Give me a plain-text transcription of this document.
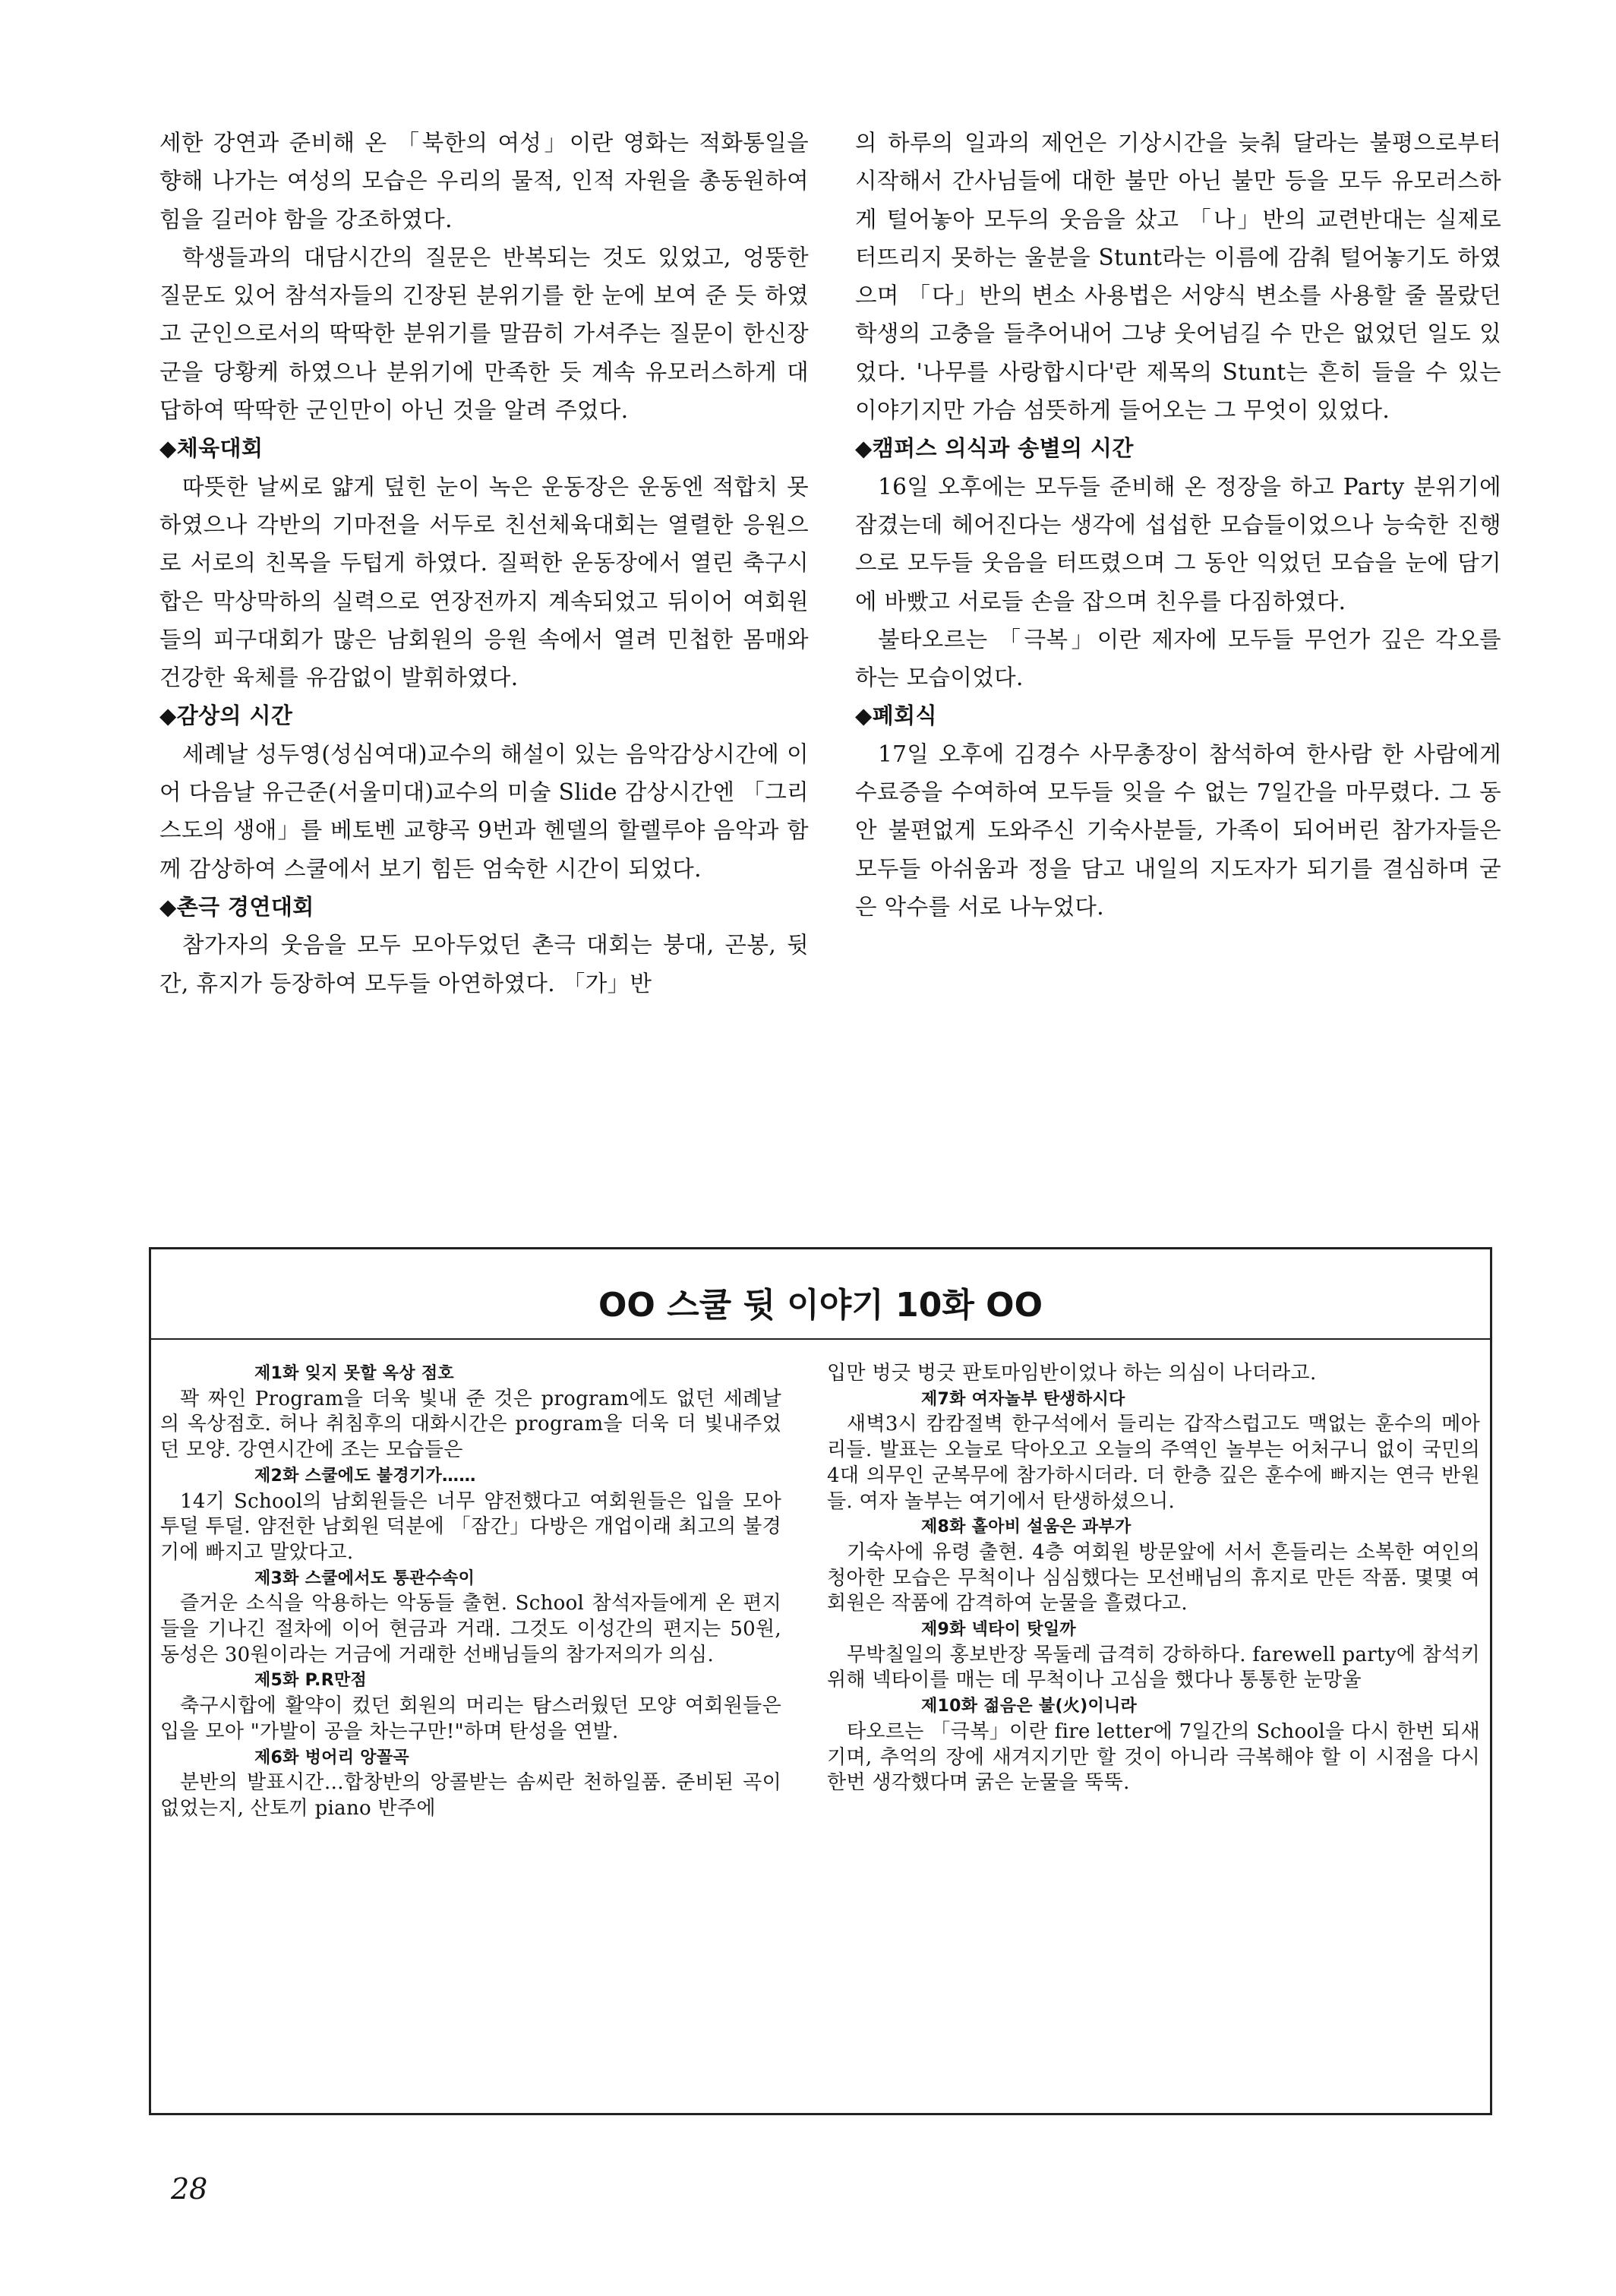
세한 강연과 준비해 온 「북한의 여성」이란 영화는 적화통일을 향해 나가는 여성의 모습은 우리의 물적, 인적 자원을 총동원하여 힘을 길러야 함을 강조하였다.

학생들과의 대담시간의 질문은 반복되는 것도 있었고, 엉뚱한 질문도 있어 참석자들의 긴장된 분위기를 한 눈에 보여 준 듯 하였고 군인으로서의 딱딱한 분위기를 말끔히 가셔주는 질문이 한신장군을 당황케 하였으나 분위기에 만족한 듯 계속 유모러스하게 대답하여 딱딱한 군인만이 아닌 것을 알려 주었다.

◆체육대회

따뜻한 날씨로 얇게 덮힌 눈이 녹은 운동장은 운동엔 적합치 못하였으나 각반의 기마전을 서두로 친선체육대회는 열렬한 응원으로 서로의 친목을 두텁게 하였다. 질퍽한 운동장에서 열린 축구시합은 막상막하의 실력으로 연장전까지 계속되었고 뒤이어 여회원들의 피구대회가 많은 남회원의 응원 속에서 열려 민첩한 몸매와 건강한 육체를 유감없이 발휘하였다.

◆감상의 시간

세례날 성두영(성심여대)교수의 해설이 있는 음악감상시간에 이어 다음날 유근준(서울미대)교수의 미술 Slide 감상시간엔 「그리스도의 생애」를 베토벤 교향곡 9번과 헨델의 할렐루야 음악과 함께 감상하여 스쿨에서 보기 힘든 엄숙한 시간이 되었다.

◆촌극 경연대회

참가자의 웃음을 모두 모아두었던 촌극 대회는 붕대, 곤봉, 뒷간, 휴지가 등장하여 모두들 아연하였다. 「가」반

의 하루의 일과의 제언은 기상시간을 늦춰 달라는 불평으로부터 시작해서 간사님들에 대한 불만 아닌 불만 등을 모두 유모러스하게 털어놓아 모두의 웃음을 샀고 「나」반의 교련반대는 실제로 터뜨리지 못하는 울분을 Stunt라는 이름에 감춰 털어놓기도 하였으며 「다」반의 변소 사용법은 서양식 변소를 사용할 줄 몰랐던 학생의 고충을 들추어내어 그냥 웃어넘길 수 만은 없었던 일도 있었다. '나무를 사랑합시다'란 제목의 Stunt는 흔히 들을 수 있는 이야기지만 가슴 섬뜻하게 들어오는 그 무엇이 있었다.

◆캠퍼스 의식과 송별의 시간

16일 오후에는 모두들 준비해 온 정장을 하고 Party 분위기에 잠겼는데 헤어진다는 생각에 섭섭한 모습들이었으나 능숙한 진행으로 모두들 웃음을 터뜨렸으며 그 동안 익었던 모습을 눈에 담기에 바빴고 서로들 손을 잡으며 친우를 다짐하였다.

불타오르는 「극복」이란 제자에 모두들 무언가 깊은 각오를 하는 모습이었다.

◆폐회식

17일 오후에 김경수 사무총장이 참석하여 한사람 한 사람에게 수료증을 수여하여 모두들 잊을 수 없는 7일간을 마무렸다. 그 동안 불편없게 도와주신 기숙사분들, 가족이 되어버린 참가자들은 모두들 아쉬움과 정을 담고 내일의 지도자가 되기를 결심하며 굳은 악수를 서로 나누었다.

OO 스쿨 뒷 이야기 10화 OO
제1화 잊지 못할 옥상 점호

꽉 짜인 Program을 더욱 빛내 준 것은 program에도 없던 세례날의 옥상점호. 허나 취침후의 대화시간은 program을 더욱 더 빛내주었던 모양. 강연시간에 조는 모습들은

제2화 스쿨에도 불경기가……

14기 School의 남회원들은 너무 얌전했다고 여회원들은 입을 모아 투덜 투덜. 얌전한 남회원 덕분에 「잠간」다방은 개업이래 최고의 불경기에 빠지고 말았다고.

제3화 스쿨에서도 통관수속이

즐거운 소식을 악용하는 악동들 출현. School 참석자들에게 온 편지들을 기나긴 절차에 이어 현금과 거래. 그것도 이성간의 편지는 50원, 동성은 30원이라는 거금에 거래한 선배님들의 참가저의가 의심.

제5화 P.R만점

축구시합에 활약이 컸던 회원의 머리는 탐스러웠던 모양 여회원들은 입을 모아 "가발이 공을 차는구만!"하며 탄성을 연발.

제6화 벙어리 앙꼴곡

분반의 발표시간…합창반의 앙콜받는 솜씨란 천하일품. 준비된 곡이 없었는지, 산토끼 piano 반주에

입만 벙긋 벙긋 판토마임반이었나 하는 의심이 나더라고.

제7화 여자놀부 탄생하시다

새벽3시 캄캄절벽 한구석에서 들리는 갑작스럽고도 맥없는 훈수의 메아리들. 발표는 오늘로 닥아오고 오늘의 주역인 놀부는 어처구니 없이 국민의 4대 의무인 군복무에 참가하시더라. 더 한층 깊은 훈수에 빠지는 연극 반원들. 여자 놀부는 여기에서 탄생하셨으니.

제8화 홀아비 설움은 과부가

기숙사에 유령 출현. 4층 여회원 방문앞에 서서 흔들리는 소복한 여인의 청아한 모습은 무척이나 심심했다는 모선배님의 휴지로 만든 작품. 몇몇 여회원은 작품에 감격하여 눈물을 흘렸다고.

제9화 넥타이 탓일까

무박칠일의 홍보반장 목둘레 급격히 강하하다. farewell party에 참석키 위해 넥타이를 매는 데 무척이나 고심을 했다나 통통한 눈망울

제10화 젊음은 불(火)이니라

타오르는 「극복」이란 fire letter에 7일간의 School을 다시 한번 되새기며, 추억의 장에 새겨지기만 할 것이 아니라 극복해야 할 이 시점을 다시 한번 생각했다며 굵은 눈물을 뚝뚝.

28
